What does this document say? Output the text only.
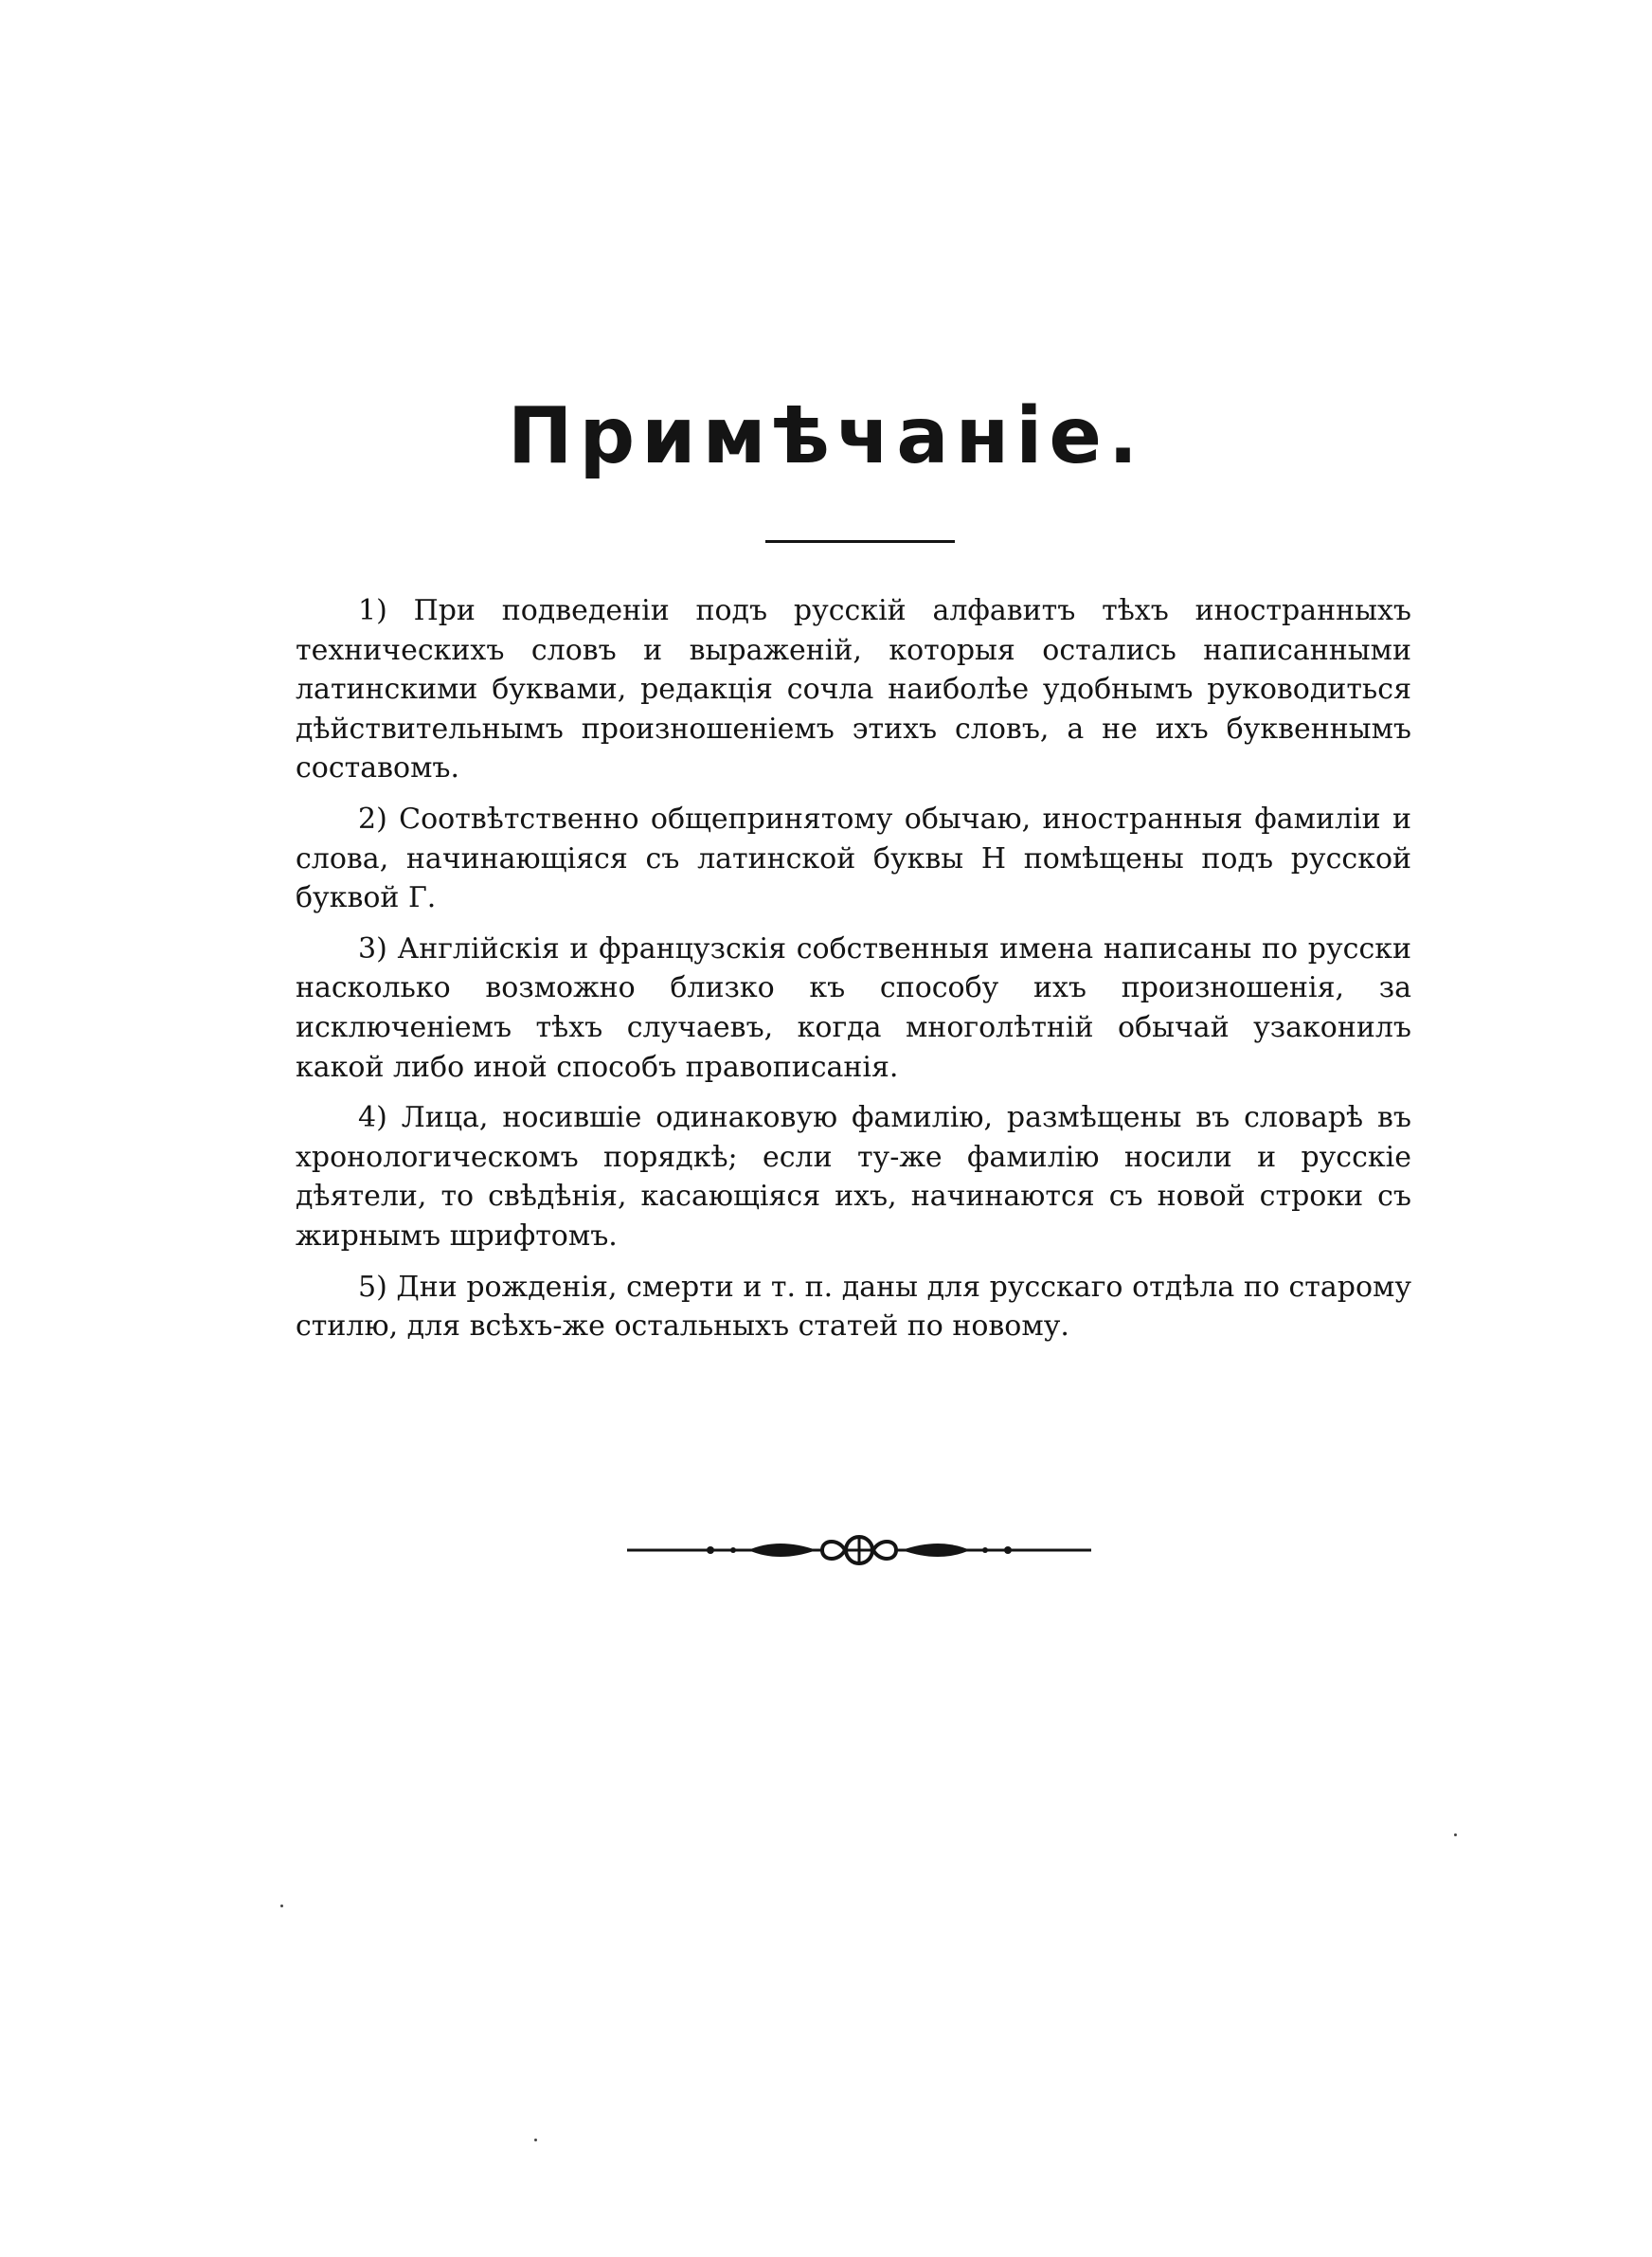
Примѣчаніе.

1) При подведеніи подъ русскій алфавитъ тѣхъ иностранныхъ техническихъ словъ и выраженій, которыя остались написанными латинскими буквами, редакція сочла наиболѣе удобнымъ руководиться дѣйствительнымъ произношеніемъ этихъ словъ, а не ихъ буквеннымъ составомъ.

2) Соотвѣтственно общепринятому обычаю, иностранныя фамиліи и слова, начинающіяся съ латинской буквы H помѣщены подъ русской буквой Г.

3) Англійскія и французскія собственныя имена написаны по русски насколько возможно близко къ способу ихъ произношенія, за исключеніемъ тѣхъ случаевъ, когда многолѣтній обычай узаконилъ какой либо иной способъ правописанія.

4) Лица, носившіе одинаковую фамилію, размѣщены въ словарѣ въ хронологическомъ порядкѣ; если ту-же фамилію носили и русскіе дѣятели, то свѣдѣнія, касающіяся ихъ, начинаются съ новой строки съ жирнымъ шрифтомъ.

5) Дни рожденія, смерти и т. п. даны для русскаго отдѣла по старому стилю, для всѣхъ-же остальныхъ статей по новому.
